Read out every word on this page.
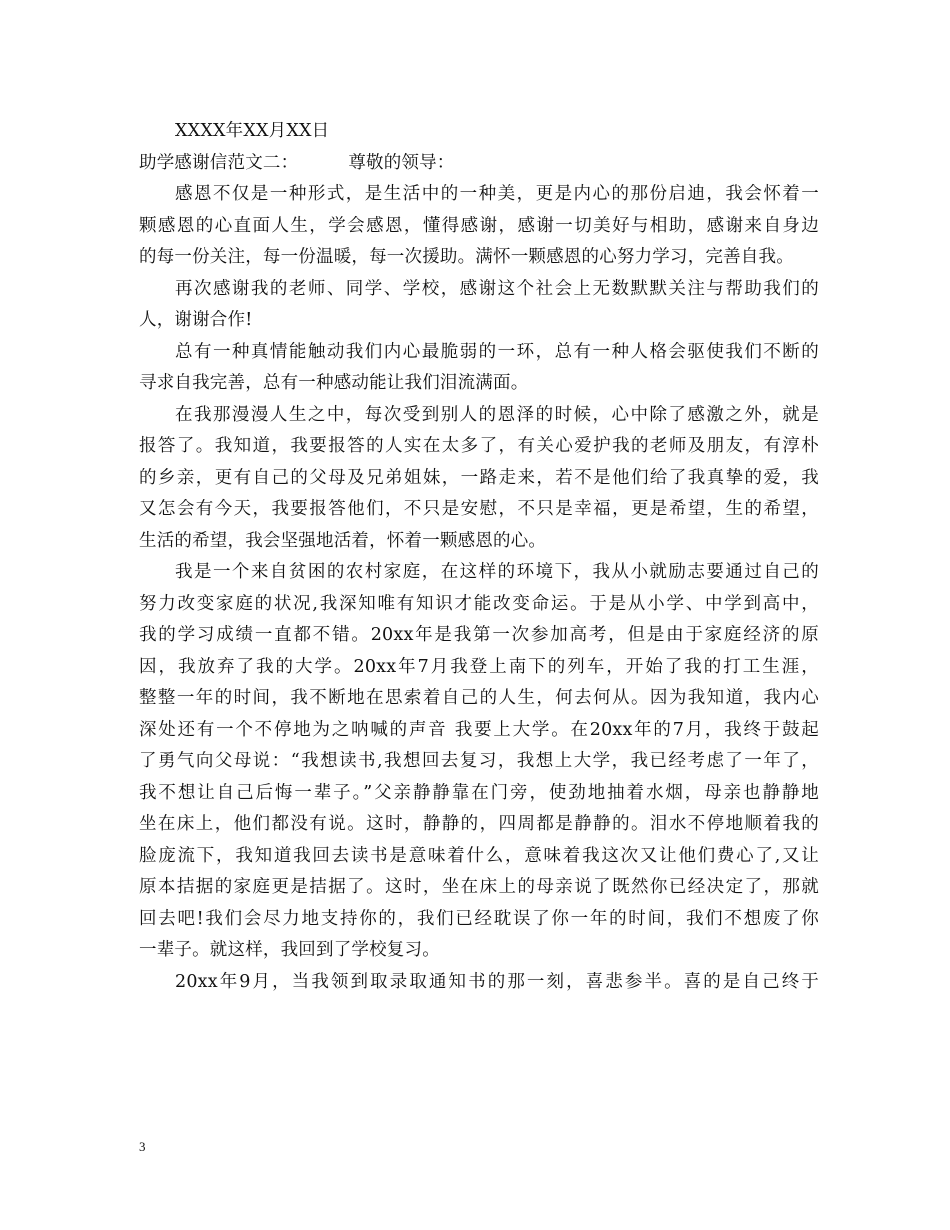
XXXX年XX月XX日
助学感谢信范文二：	尊敬的领导：
感恩不仅是一种形式，是生活中的一种美，更是内心的那份启迪，我会怀着一
颗感恩的心直面人生，学会感恩，懂得感谢，感谢一切美好与相助，感谢来自身边
的每一份关注，每一份温暖，每一次援助。满怀一颗感恩的心努力学习，完善自我。
再次感谢我的老师、同学、学校，感谢这个社会上无数默默关注与帮助我们的
人，谢谢合作!
总有一种真情能触动我们内心最脆弱的一环，总有一种人格会驱使我们不断的
寻求自我完善，总有一种感动能让我们泪流满面。
在我那漫漫人生之中，每次受到别人的恩泽的时候，心中除了感激之外，就是
报答了。我知道，我要报答的人实在太多了，有关心爱护我的老师及朋友，有淳朴
的乡亲，更有自己的父母及兄弟姐妹，一路走来，若不是他们给了我真挚的爱，我
又怎会有今天，我要报答他们，不只是安慰，不只是幸福，更是希望，生的希望，
生活的希望，我会坚强地活着，怀着一颗感恩的心。
我是一个来自贫困的农村家庭，在这样的环境下，我从小就励志要通过自己的
努力改变家庭的状况,我深知唯有知识才能改变命运。于是从小学、中学到高中，
我的学习成绩一直都不错。20xx年是我第一次参加高考，但是由于家庭经济的原
因，我放弃了我的大学。20xx年7月我登上南下的列车，开始了我的打工生涯，
整整一年的时间，我不断地在思索着自己的人生，何去何从。因为我知道，我内心
深处还有一个不停地为之呐喊的声音 我要上大学。在20xx年的7月，我终于鼓起
了勇气向父母说：“我想读书,我想回去复习，我想上大学，我已经考虑了一年了，
我不想让自己后悔一辈子。”父亲静静靠在门旁，使劲地抽着水烟，母亲也静静地
坐在床上，他们都没有说。这时，静静的，四周都是静静的。泪水不停地顺着我的
脸庞流下，我知道我回去读书是意味着什么，意味着我这次又让他们费心了,又让
原本拮据的家庭更是拮据了。这时，坐在床上的母亲说了既然你已经决定了，那就
回去吧!我们会尽力地支持你的，我们已经耽误了你一年的时间，我们不想废了你
一辈子。就这样，我回到了学校复习。
20xx年9月，当我领到取录取通知书的那一刻，喜悲参半。喜的是自己终于
3
